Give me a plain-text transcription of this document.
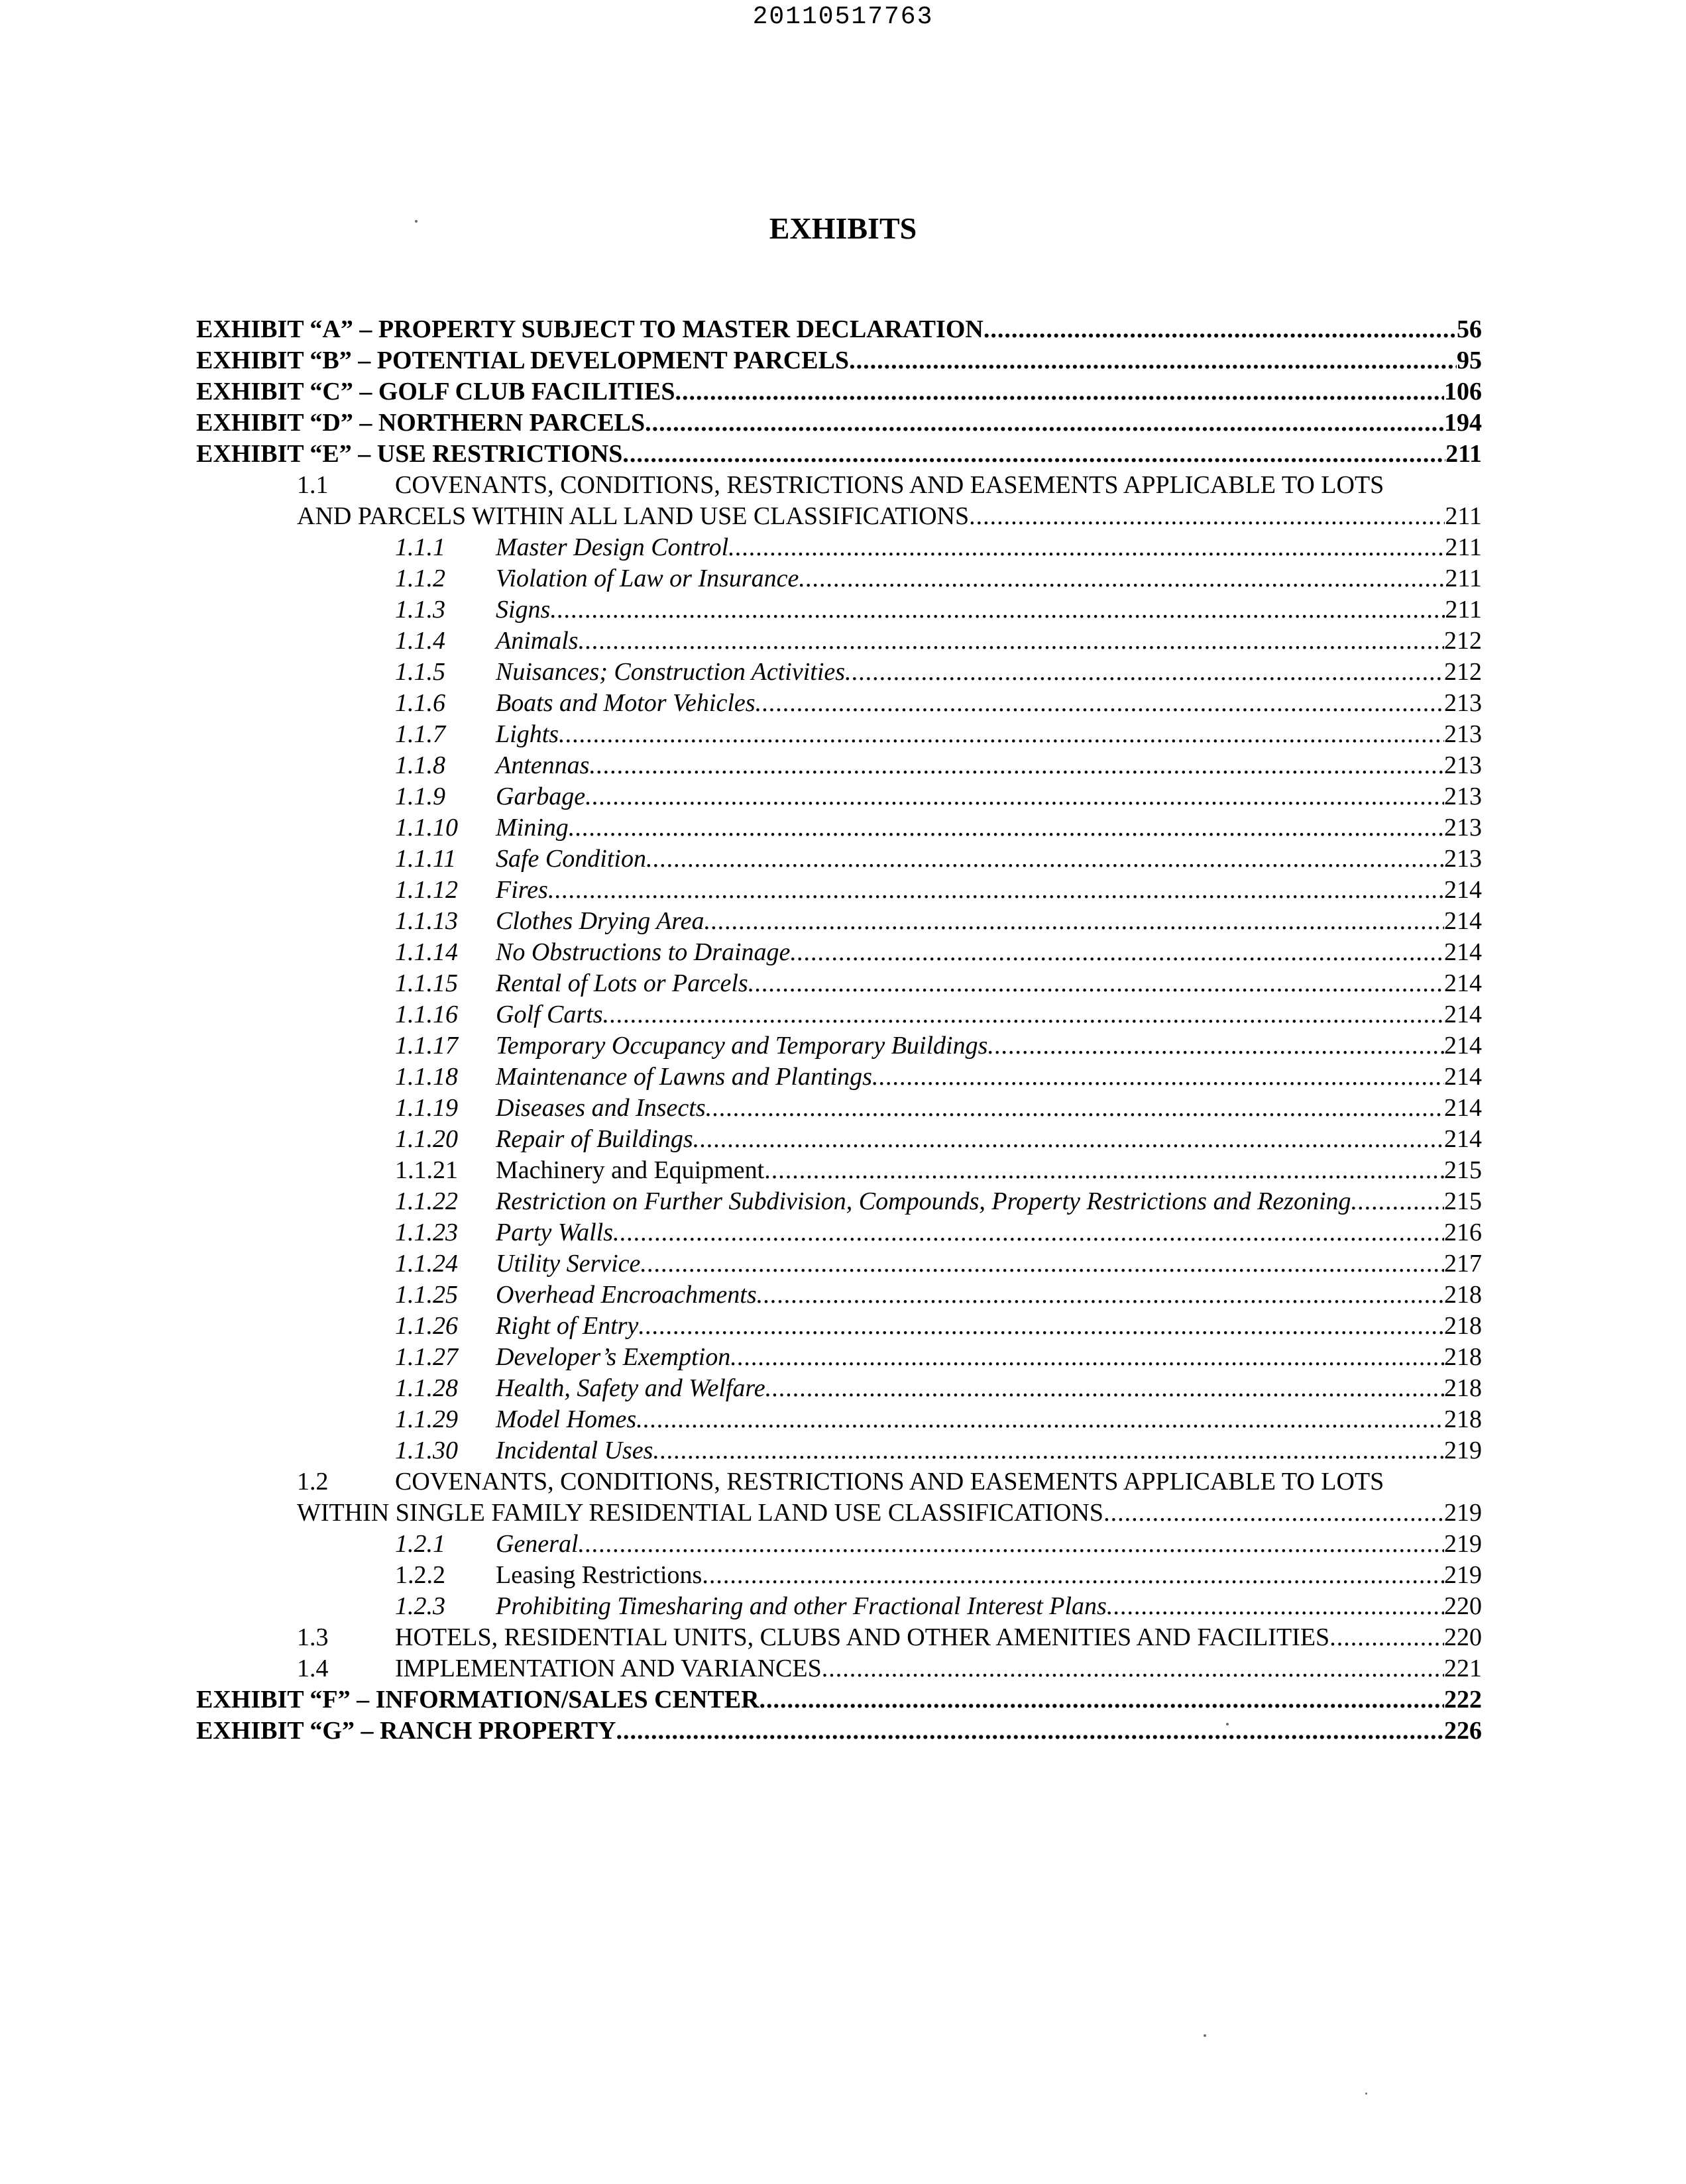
20110517763
EXHIBITS
EXHIBIT “A” – PROPERTY SUBJECT TO MASTER DECLARATION .....	56
EXHIBIT “B” – POTENTIAL DEVELOPMENT PARCELS .....	95
EXHIBIT “C” – GOLF CLUB FACILITIES .....	106
EXHIBIT “D” – NORTHERN PARCELS .....	194
EXHIBIT “E” – USE RESTRICTIONS .....	211
1.1	COVENANTS, CONDITIONS, RESTRICTIONS AND EASEMENTS APPLICABLE TO LOTS
AND PARCELS WITHIN ALL LAND USE CLASSIFICATIONS .....	211
1.1.1 Master Design Control .....	211
1.1.2 Violation of Law or Insurance .....	211
1.1.3 Signs .....	211
1.1.4 Animals .....	212
1.1.5 Nuisances; Construction Activities .....	212
1.1.6 Boats and Motor Vehicles .....	213
1.1.7 Lights .....	213
1.1.8 Antennas .....	213
1.1.9 Garbage .....	213
1.1.10 Mining .....	213
1.1.11 Safe Condition .....	213
1.1.12 Fires .....	214
1.1.13 Clothes Drying Area .....	214
1.1.14 No Obstructions to Drainage .....	214
1.1.15 Rental of Lots or Parcels .....	214
1.1.16 Golf Carts .....	214
1.1.17 Temporary Occupancy and Temporary Buildings .....	214
1.1.18 Maintenance of Lawns and Plantings .....	214
1.1.19 Diseases and Insects .....	214
1.1.20 Repair of Buildings .....	214
1.1.21 Machinery and Equipment .....	215
1.1.22 Restriction on Further Subdivision, Compounds, Property Restrictions and Rezoning .....	215
1.1.23 Party Walls .....	216
1.1.24 Utility Service .....	217
1.1.25 Overhead Encroachments .....	218
1.1.26 Right of Entry .....	218
1.1.27 Developer’s Exemption .....	218
1.1.28 Health, Safety and Welfare .....	218
1.1.29 Model Homes .....	218
1.1.30 Incidental Uses .....	219
1.2	COVENANTS, CONDITIONS, RESTRICTIONS AND EASEMENTS APPLICABLE TO LOTS
WITHIN SINGLE FAMILY RESIDENTIAL LAND USE CLASSIFICATIONS .....	219
1.2.1 General .....	219
1.2.2 Leasing Restrictions .....	219
1.2.3 Prohibiting Timesharing and other Fractional Interest Plans .....	220
1.3	HOTELS, RESIDENTIAL UNITS, CLUBS AND OTHER AMENITIES AND FACILITIES .....	220
1.4	IMPLEMENTATION AND VARIANCES .....	221
EXHIBIT “F” – INFORMATION/SALES CENTER .....	222
EXHIBIT “G” – RANCH PROPERTY .....	226
